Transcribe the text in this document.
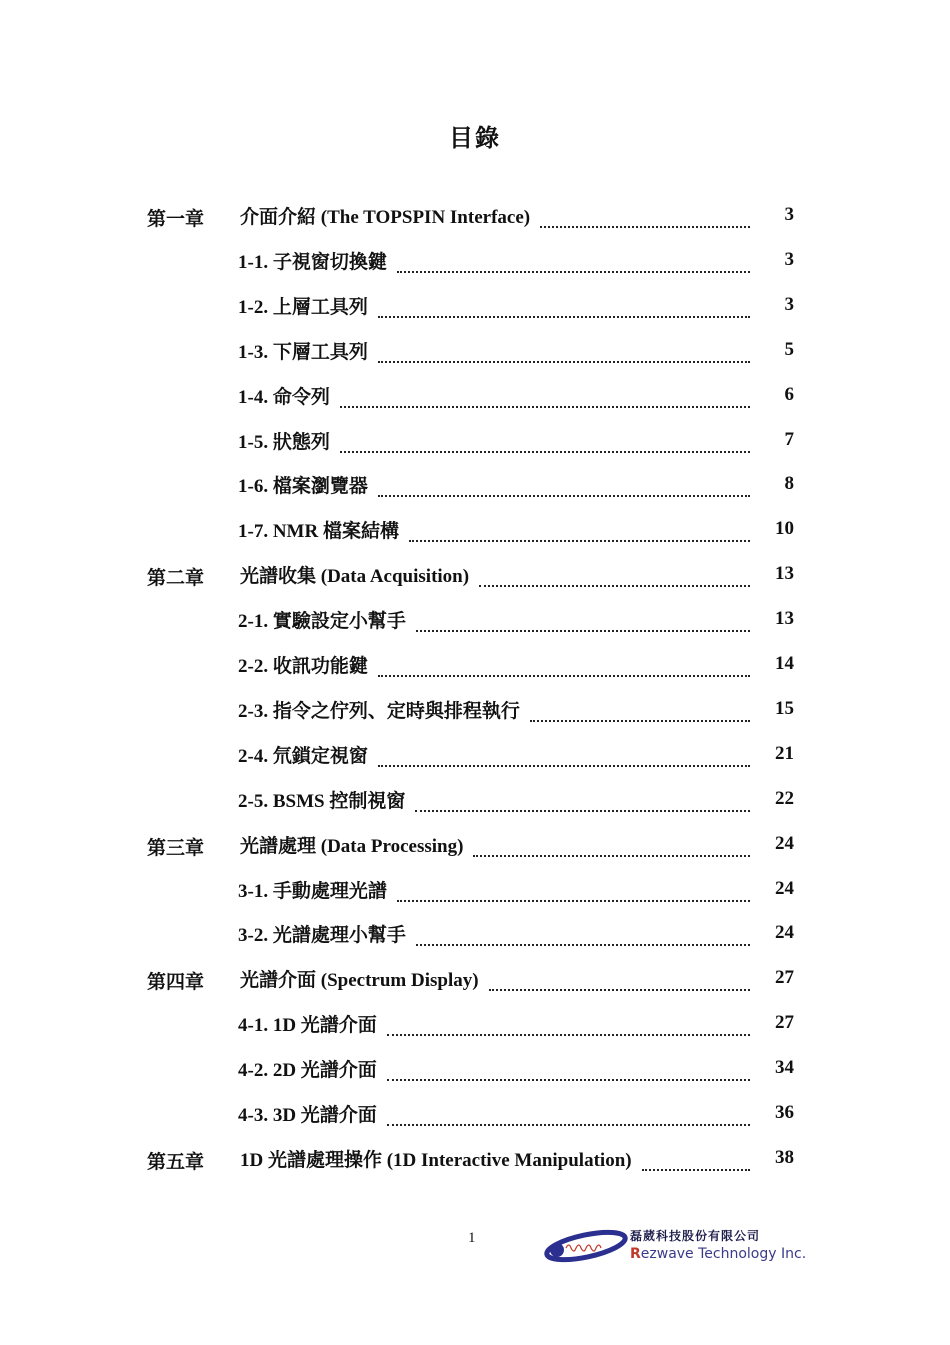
目錄
第一章 介面介紹 (The TOPSPIN Interface)	3
1-1. 子視窗切換鍵	3
1-2. 上層工具列	3
1-3. 下層工具列	5
1-4. 命令列	6
1-5. 狀態列	7
1-6. 檔案瀏覽器	8
1-7. NMR 檔案結構	10
第二章 光譜收集 (Data Acquisition)	13
2-1. 實驗設定小幫手	13
2-2. 收訊功能鍵	14
2-3. 指令之佇列、定時與排程執行	15
2-4. 氘鎖定視窗	21
2-5. BSMS 控制視窗	22
第三章 光譜處理 (Data Processing)	24
3-1. 手動處理光譜	24
3-2. 光譜處理小幫手	24
第四章 光譜介面 (Spectrum Display)	27
4-1. 1D 光譜介面	27
4-2. 2D 光譜介面	34
4-3. 3D 光譜介面	36
第五章 1D 光譜處理操作 (1D Interactive Manipulation)	38
1	磊葳科技股份有限公司
Rezwave Technology Inc.
